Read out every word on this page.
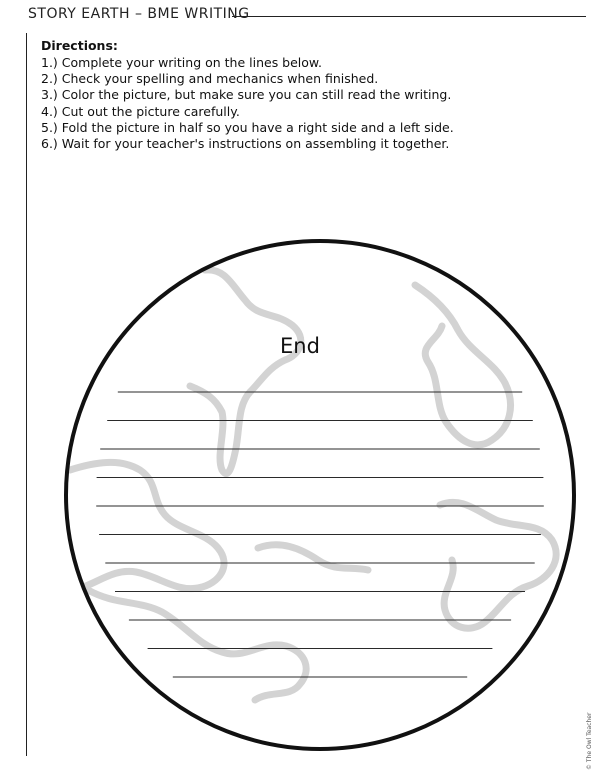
STORY EARTH – BME WRITING
Directions:
1.) Complete your writing on the lines below.
2.) Check your spelling and mechanics when finished.
3.) Color the picture, but make sure you can still read the writing.
4.) Cut out the picture carefully.
5.) Fold the picture in half so you have a right side and a left side.
6.) Wait for your teacher's instructions on assembling it together.
End
© The Owl Teacher
